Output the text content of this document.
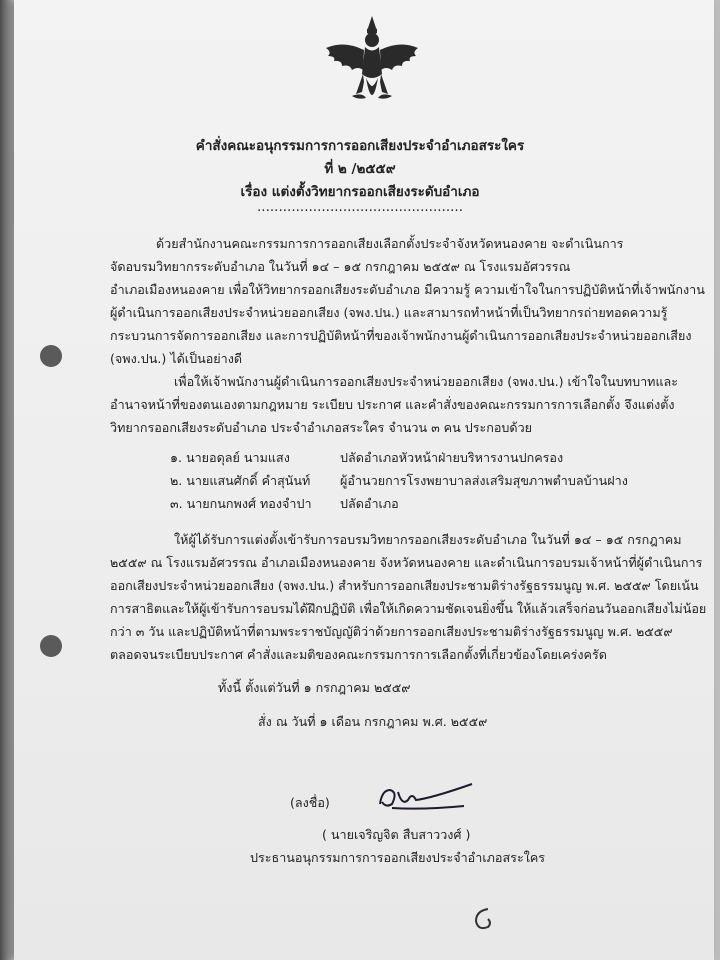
คำสั่งคณะอนุกรรมการการออกเสียงประจำอำเภอสระใคร
ที่ ๒ /๒๕๕๙
เรื่อง แต่งตั้งวิทยากรออกเสียงระดับอำเภอ
................................................
ด้วยสำนักงานคณะกรรมการการออกเสียงเลือกตั้งประจำจังหวัดหนองคาย จะดำเนินการ
จัดอบรมวิทยากรระดับอำเภอ ในวันที่ ๑๔ – ๑๕ กรกฎาคม ๒๕๕๙ ณ โรงแรมอัศวรรณ
อำเภอเมืองหนองคาย เพื่อให้วิทยากรออกเสียงระดับอำเภอ มีความรู้ ความเข้าใจในการปฏิบัติหน้าที่เจ้าพนักงาน
ผู้ดำเนินการออกเสียงประจำหน่วยออกเสียง (จพง.ปน.) และสามารถทำหน้าที่เป็นวิทยากรถ่ายทอดความรู้
กระบวนการจัดการออกเสียง และการปฏิบัติหน้าที่ของเจ้าพนักงานผู้ดำเนินการออกเสียงประจำหน่วยออกเสียง
(จพง.ปน.) ได้เป็นอย่างดี
เพื่อให้เจ้าพนักงานผู้ดำเนินการออกเสียงประจำหน่วยออกเสียง (จพง.ปน.) เข้าใจในบทบาทและ
อำนาจหน้าที่ของตนเองตามกฎหมาย ระเบียบ ประกาศ และคำสั่งของคณะกรรมการการเลือกตั้ง จึงแต่งตั้ง
วิทยากรออกเสียงระดับอำเภอ ประจำอำเภอสระใคร จำนวน ๓ คน ประกอบด้วย
๑. นายอดุลย์ นามแสง	ปลัดอำเภอหัวหน้าฝ่ายบริหารงานปกครอง
๒. นายแสนศักดิ์ คำสุนันท์	ผู้อำนวยการโรงพยาบาลส่งเสริมสุขภาพตำบลบ้านฝาง
๓. นายกนกพงศ์ ทองจำปา	ปลัดอำเภอ
ให้ผู้ได้รับการแต่งตั้งเข้ารับการอบรมวิทยากรออกเสียงระดับอำเภอ ในวันที่ ๑๔ – ๑๕ กรกฎาคม
๒๕๕๙ ณ โรงแรมอัศวรรณ อำเภอเมืองหนองคาย จังหวัดหนองคาย และดำเนินการอบรมเจ้าหน้าที่ผู้ดำเนินการ
ออกเสียงประจำหน่วยออกเสียง (จพง.ปน.) สำหรับการออกเสียงประชามติร่างรัฐธรรมนูญ พ.ศ. ๒๕๕๙ โดยเน้น
การสาธิตและให้ผู้เข้ารับการอบรมได้ฝึกปฏิบัติ เพื่อให้เกิดความชัดเจนยิ่งขึ้น ให้แล้วเสร็จก่อนวันออกเสียงไม่น้อย
กว่า ๓ วัน และปฏิบัติหน้าที่ตามพระราชบัญญัติว่าด้วยการออกเสียงประชามติร่างรัฐธรรมนูญ พ.ศ. ๒๕๕๙
ตลอดจนระเบียบประกาศ คำสั่งและมติของคณะกรรมการการเลือกตั้งที่เกี่ยวข้องโดยเคร่งครัด
ทั้งนี้ ตั้งแต่วันที่ ๑ กรกฎาคม ๒๕๕๙
สั่ง ณ วันที่ ๑ เดือน กรกฎาคม พ.ศ. ๒๕๕๙
(ลงชื่อ)
( นายเจริญจิต สืบสาววงศ์ )
ประธานอนุกรรมการการออกเสียงประจำอำเภอสระใคร
